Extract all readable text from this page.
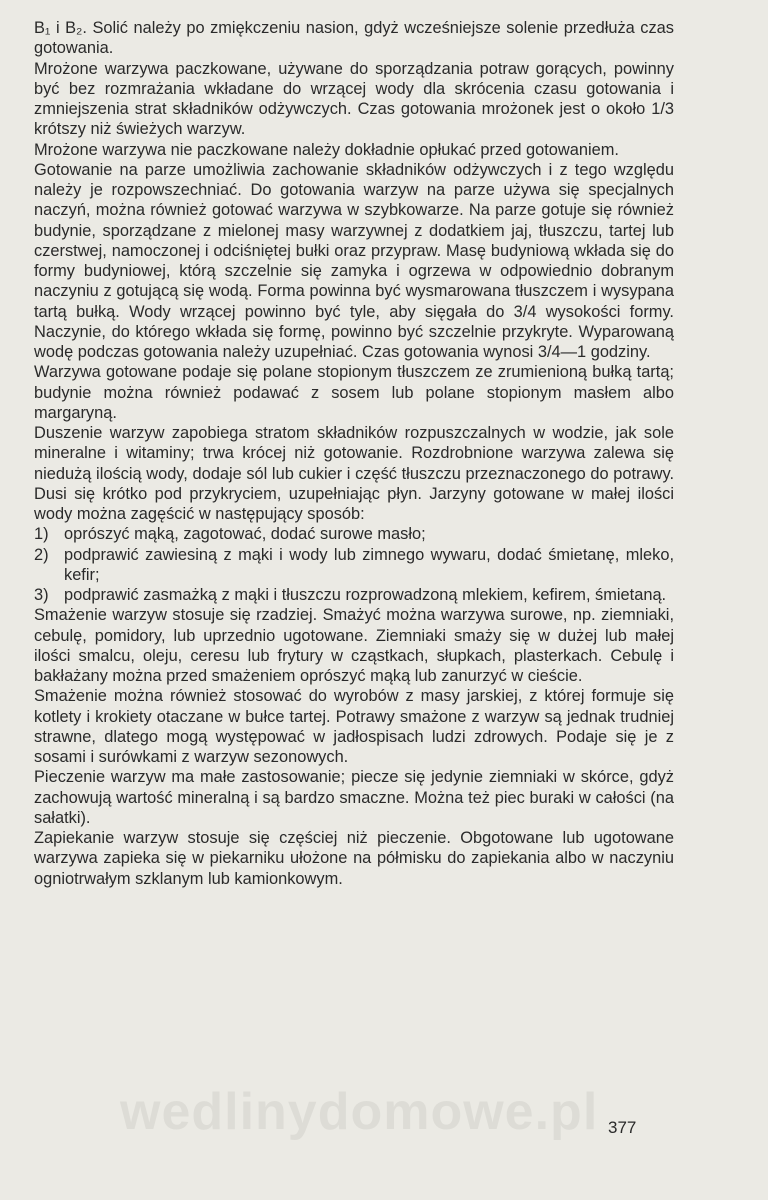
B₁ i B₂. Solić należy po zmiękczeniu nasion, gdyż wcześniejsze solenie przedłuża czas gotowania.

Mrożone warzywa paczkowane, używane do sporządzania potraw gorących, powinny być bez rozmrażania wkładane do wrzącej wody dla skrócenia czasu gotowania i zmniejszenia strat składników odżywczych. Czas gotowania mrożonek jest o około 1/3 krótszy niż świeżych warzyw.

Mrożone warzywa nie paczkowane należy dokładnie opłukać przed gotowaniem.

Gotowanie na parze umożliwia zachowanie składników odżywczych i z tego względu należy je rozpowszechniać. Do gotowania warzyw na parze używa się specjalnych naczyń, można również gotować warzywa w szybkowarze. Na parze gotuje się również budynie, sporządzane z mielonej masy warzywnej z dodatkiem jaj, tłuszczu, tartej lub czerstwej, namoczonej i odciśniętej bułki oraz przypraw. Masę budyniową wkłada się do formy budyniowej, którą szczelnie się zamyka i ogrzewa w odpowiednio dobranym naczyniu z gotującą się wodą. Forma powinna być wysmarowana tłuszczem i wysypana tartą bułką. Wody wrzącej powinno być tyle, aby sięgała do 3/4 wysokości formy. Naczynie, do którego wkłada się formę, powinno być szczelnie przykryte. Wyparowaną wodę podczas gotowania należy uzupełniać. Czas gotowania wynosi 3/4—1 godziny.

Warzywa gotowane podaje się polane stopionym tłuszczem ze zrumienioną bułką tartą; budynie można również podawać z sosem lub polane stopionym masłem albo margaryną.

Duszenie warzyw zapobiega stratom składników rozpuszczalnych w wodzie, jak sole mineralne i witaminy; trwa krócej niż gotowanie. Rozdrobnione warzywa zalewa się niedużą ilością wody, dodaje sól lub cukier i część tłuszczu przeznaczonego do potrawy. Dusi się krótko pod przykryciem, uzupełniając płyn. Jarzyny gotowane w małej ilości wody można zagęścić w następujący sposób:

1) oprószyć mąką, zagotować, dodać surowe masło;
2) podprawić zawiesiną z mąki i wody lub zimnego wywaru, dodać śmietanę, mleko, kefir;
3) podprawić zasmażką z mąki i tłuszczu rozprowadzoną mlekiem, kefirem, śmietaną.

Smażenie warzyw stosuje się rzadziej. Smażyć można warzywa surowe, np. ziemniaki, cebulę, pomidory, lub uprzednio ugotowane. Ziemniaki smaży się w dużej lub małej ilości smalcu, oleju, ceresu lub frytury w cząstkach, słupkach, plasterkach. Cebulę i bakłażany można przed smażeniem oprószyć mąką lub zanurzyć w cieście.

Smażenie można również stosować do wyrobów z masy jarskiej, z której formuje się kotlety i krokiety otaczane w bułce tartej. Potrawy smażone z warzyw są jednak trudniej strawne, dlatego mogą występować w jadłospisach ludzi zdrowych. Podaje się je z sosami i surówkami z warzyw sezonowych.

Pieczenie warzyw ma małe zastosowanie; piecze się jedynie ziemniaki w skórce, gdyż zachowują wartość mineralną i są bardzo smaczne. Można też piec buraki w całości (na sałatki).

Zapiekanie warzyw stosuje się częściej niż pieczenie. Obgotowane lub ugotowane warzywa zapieka się w piekarniku ułożone na półmisku do zapiekania albo w naczyniu ogniotrwałym szklanym lub kamionkowym.

wedlinydomowe.pl 377
